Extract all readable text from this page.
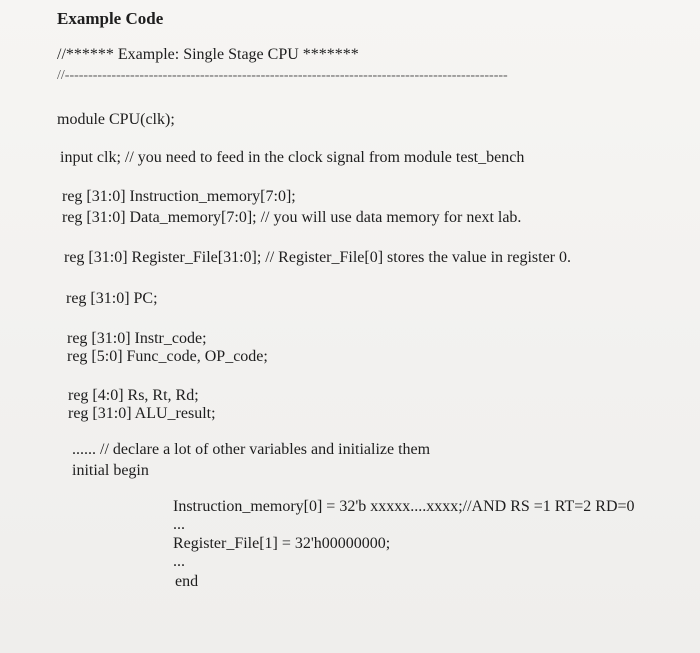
Example Code
//****** Example: Single Stage CPU *******
//-----------------------------------------------------------------------------------------------
module CPU(clk);
input clk; // you need to feed in the clock signal from module test_bench
reg [31:0] Instruction_memory[7:0];
reg [31:0] Data_memory[7:0]; // you will use data memory for next lab.
reg [31:0] Register_File[31:0]; // Register_File[0] stores the value in register 0.
reg [31:0] PC;
reg [31:0] Instr_code;
reg [5:0] Func_code, OP_code;
reg [4:0] Rs, Rt, Rd;
reg [31:0] ALU_result;
...... // declare a lot of other variables and initialize them
initial begin
Instruction_memory[0] = 32'b xxxxx....xxxx;//AND RS =1 RT=2 RD=0
...
Register_File[1] = 32'h00000000;
...
end
